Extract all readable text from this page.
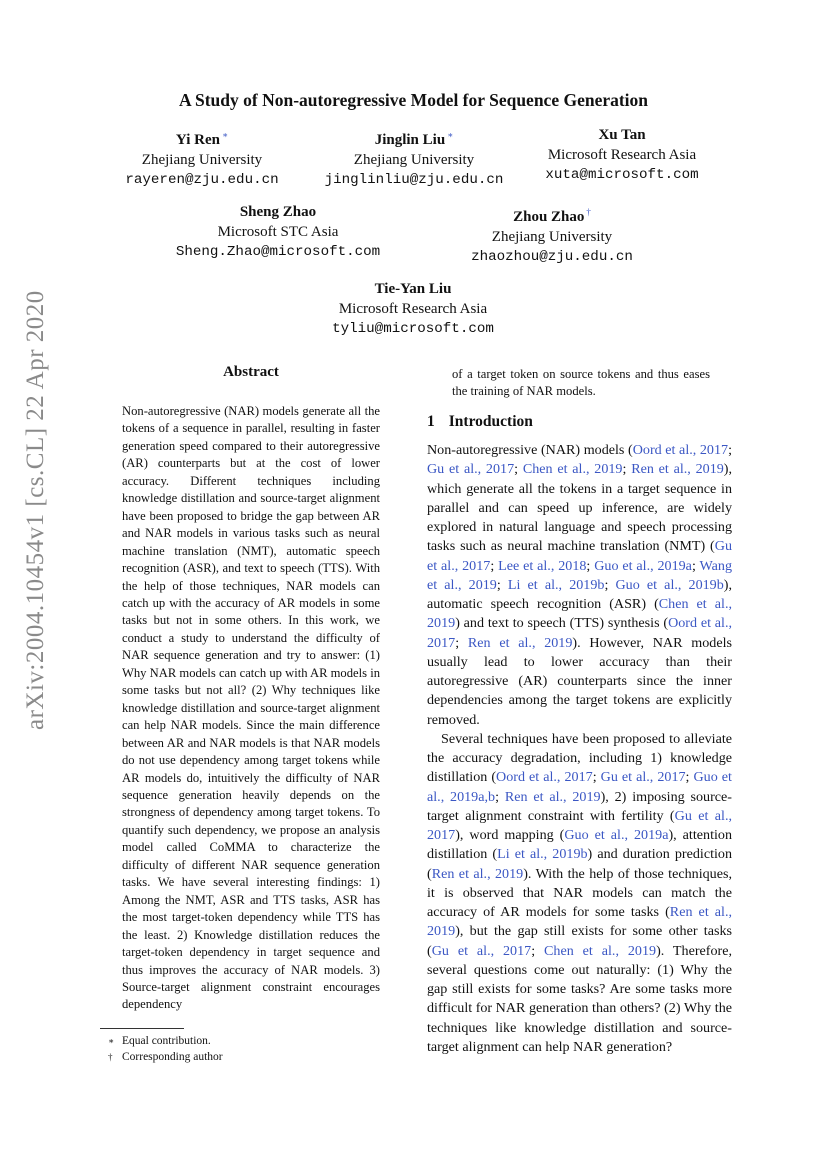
A Study of Non-autoregressive Model for Sequence Generation
Yi Ren ∗
Zhejiang University
rayeren@zju.edu.cn
Jinglin Liu ∗
Zhejiang University
jinglinliu@zju.edu.cn
Xu Tan
Microsoft Research Asia
xuta@microsoft.com
Sheng Zhao
Microsoft STC Asia
Sheng.Zhao@microsoft.com
Zhou Zhao †
Zhejiang University
zhaozhou@zju.edu.cn
Tie-Yan Liu
Microsoft Research Asia
tyliu@microsoft.com
arXiv:2004.10454v1 [cs.CL] 22 Apr 2020	Abstract
Non-autoregressive (NAR) models generate all the tokens of a sequence in parallel, resulting in faster generation speed compared to their autoregressive (AR) counterparts but at the cost of lower accuracy. Different techniques including knowledge distillation and source-target alignment have been proposed to bridge the gap between AR and NAR models in various tasks such as neural machine translation (NMT), automatic speech recognition (ASR), and text to speech (TTS). With the help of those techniques, NAR models can catch up with the accuracy of AR models in some tasks but not in some others. In this work, we conduct a study to understand the difficulty of NAR sequence generation and try to answer: (1) Why NAR models can catch up with AR models in some tasks but not all? (2) Why techniques like knowledge distillation and source-target alignment can help NAR models. Since the main difference between AR and NAR models is that NAR models do not use dependency among target tokens while AR models do, intuitively the difficulty of NAR sequence generation heavily depends on the strongness of dependency among target tokens. To quantify such dependency, we propose an analysis model called CoMMA to characterize the difficulty of different NAR sequence generation tasks. We have several interesting findings: 1) Among the NMT, ASR and TTS tasks, ASR has the most target-token dependency while TTS has the least. 2) Knowledge distillation reduces the target-token dependency in target sequence and thus improves the accuracy of NAR models. 3) Source-target alignment constraint encourages dependency
of a target token on source tokens and thus eases the training of NAR models.
1 Introduction

Non-autoregressive (NAR) models (Oord et al., 2017; Gu et al., 2017; Chen et al., 2019; Ren et al., 2019), which generate all the tokens in a target sequence in parallel and can speed up inference, are widely explored in natural language and speech processing tasks such as neural machine translation (NMT) (Gu et al., 2017; Lee et al., 2018; Guo et al., 2019a; Wang et al., 2019; Li et al., 2019b; Guo et al., 2019b), automatic speech recognition (ASR) (Chen et al., 2019) and text to speech (TTS) synthesis (Oord et al., 2017; Ren et al., 2019). However, NAR models usually lead to lower accuracy than their autoregressive (AR) counterparts since the inner dependencies among the target tokens are explicitly removed.

Several techniques have been proposed to alleviate the accuracy degradation, including 1) knowledge distillation (Oord et al., 2017; Gu et al., 2017; Guo et al., 2019a,b; Ren et al., 2019), 2) imposing source-target alignment constraint with fertility (Gu et al., 2017), word mapping (Guo et al., 2019a), attention distillation (Li et al., 2019b) and duration prediction (Ren et al., 2019). With the help of those techniques, it is observed that NAR models can match the accuracy of AR models for some tasks (Ren et al., 2019), but the gap still exists for some other tasks (Gu et al., 2017; Chen et al., 2019). Therefore, several questions come out naturally: (1) Why the gap still exists for some tasks? Are some tasks more difficult for NAR generation than others? (2) Why the techniques like knowledge distillation and source-target alignment can help NAR generation?

∗ Equal contribution.
† Corresponding author
